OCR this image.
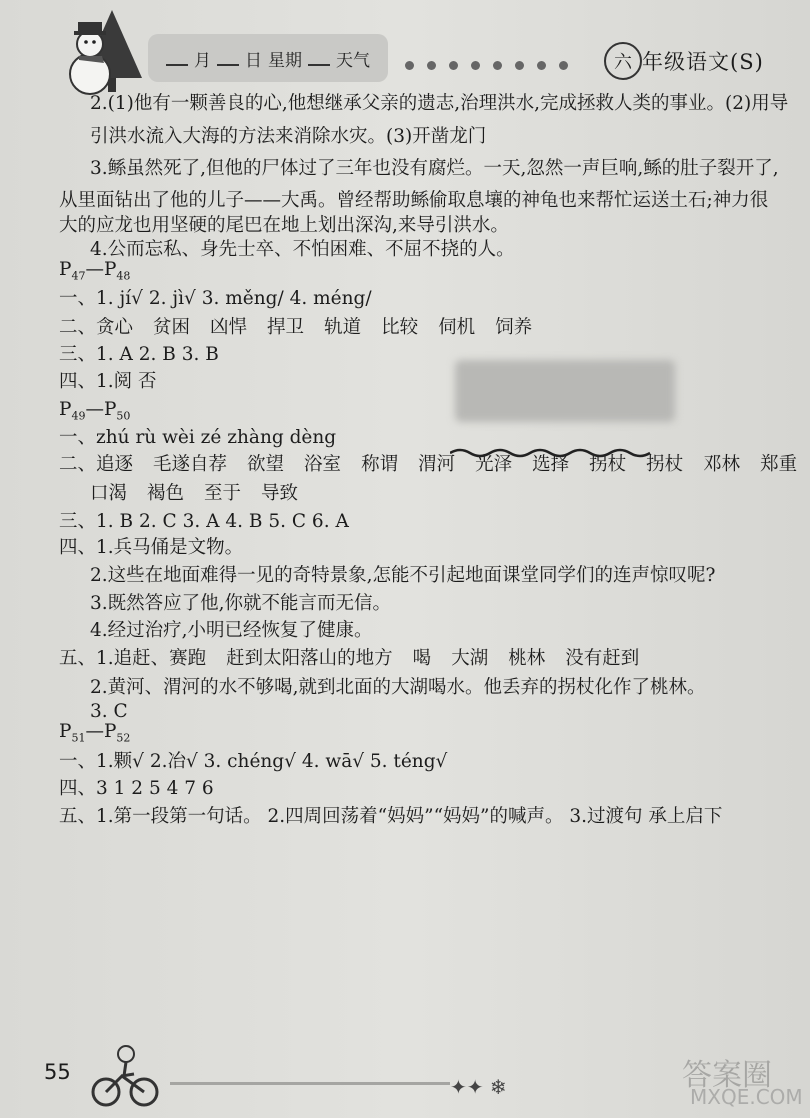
月 日 星期 天气	六 年级语文(S)
2.(1)他有一颗善良的心,他想继承父亲的遗志,治理洪水,完成拯救人类的事业。(2)用导
引洪水流入大海的方法来消除水灾。(3)开凿龙门
3.鲧虽然死了,但他的尸体过了三年也没有腐烂。一天,忽然一声巨响,鲧的肚子裂开了,
从里面钻出了他的儿子——大禹。曾经帮助鲧偷取息壤的神龟也来帮忙运送土石;神力很
大的应龙也用坚硬的尾巴在地上划出深沟,来导引洪水。
4.公而忘私、身先士卒、不怕困难、不屈不挠的人。
$P_{47}—P_{48}$
一、1. jí√ 2. jì√ 3. měng/ 4. méng/
二、贪心 贫困 凶悍 捍卫 轨道 比较 伺机 饲养
三、1. A 2. B 3. B
四、1.阅 否
$P_{49}—P_{50}$
一、zhú rù wèi zé zhàng dèng
二、追逐 毛遂自荐 欲望 浴室 称谓 渭河 光泽 选择 拐杖 拐杖 邓林 郑重
口渴 褐色 至于 导致
三、1. B 2. C 3. A 4. B 5. C 6. A
四、1.兵马俑是文物。
2.这些在地面难得一见的奇特景象,怎能不引起地面课堂同学们的连声惊叹呢?
3.既然答应了他,你就不能言而无信。
4.经过治疗,小明已经恢复了健康。
五、1.追赶、赛跑 赶到太阳落山的地方 喝 大湖 桃林 没有赶到
2.黄河、渭河的水不够喝,就到北面的大湖喝水。他丢弃的拐杖化作了桃林。
3. C
$P_{51}—P_{52}$
一、1.颗√ 2.冶√ 3. chéng√ 4. wā√ 5. téng√
四、3 1 2 5 4 7 6
五、1.第一段第一句话。 2.四周回荡着“妈妈”“妈妈”的喊声。 3.过渡句 承上启下
55
✦✦ ❄	答案圈
MXQE.COM
